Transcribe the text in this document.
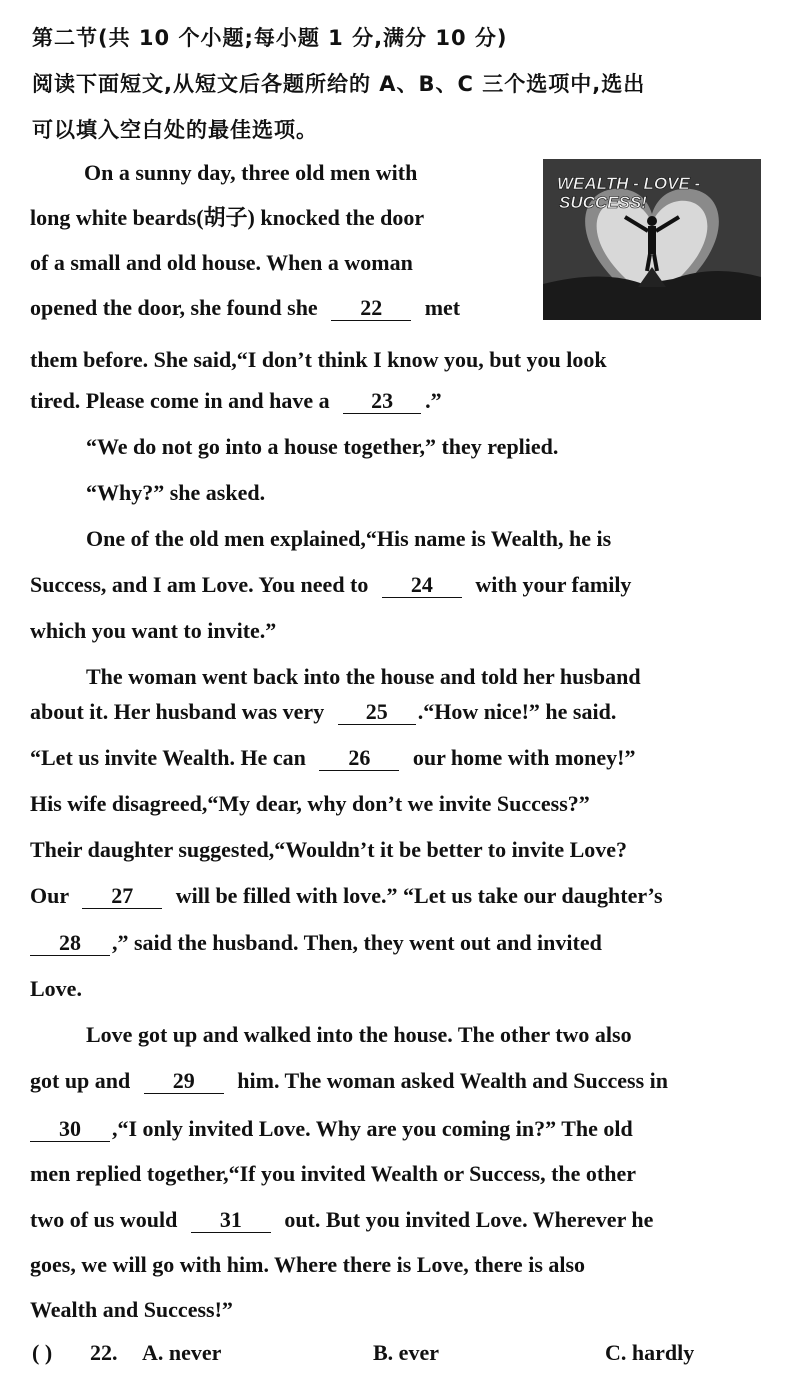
第二节(共 10 个小题;每小题 1 分,满分 10 分)
阅读下面短文,从短文后各题所给的 A、B、C 三个选项中,选出
可以填入空白处的最佳选项。
WEALTH - LOVE -
SUCCESS!
On a sunny day, three old men with
long white beards(胡子) knocked the door
of a small and old house. When a woman
opened the door, she found she 22 met
them before. She said,“I don’t think I know you, but you look
tired. Please come in and have a 23 .”
“We do not go into a house together,” they replied.
“Why?” she asked.
One of the old men explained,“His name is Wealth, he is
Success, and I am Love. You need to 24 with your family
which you want to invite.”
The woman went back into the house and told her husband
about it. Her husband was very 25 .“How nice!” he said.
“Let us invite Wealth. He can 26 our home with money!”
His wife disagreed,“My dear, why don’t we invite Success?”
Their daughter suggested,“Wouldn’t it be better to invite Love?
Our 27 will be filled with love.” “Let us take our daughter’s
28 ,” said the husband. Then, they went out and invited
Love.
Love got up and walked into the house. The other two also
got up and 29 him. The woman asked Wealth and Success in
30 ,“I only invited Love. Why are you coming in?” The old
men replied together,“If you invited Wealth or Success, the other
two of us would 31 out. But you invited Love. Wherever he
goes, we will go with him. Where there is Love, there is also
Wealth and Success!”
( ) 22. A. never	B. ever	C. hardly
